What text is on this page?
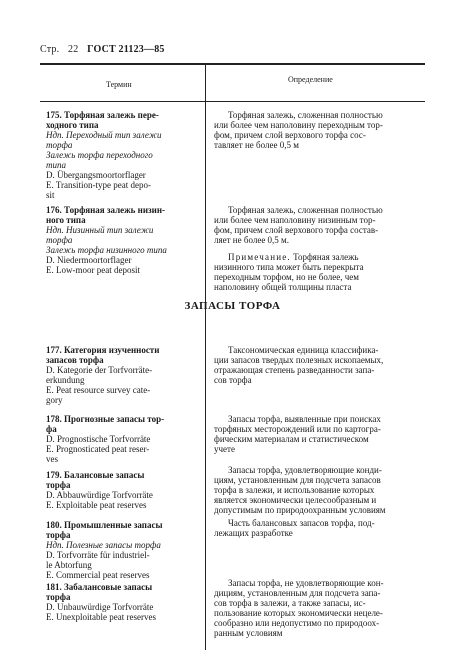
Стр. 22 ГОСТ 21123—85
Термин
Определение

175. Торфяная залежь пере-

ходного типа

Ндп. Переходный тип залежи

торфа

Залежь торфа переходного

типа

D. Übergangsmoortorflager

E. Transition-type peat depo-

sit

Торфяная залежь, сложенная полностью

или более чем наполовину переходным тор-

фом, причем слой верхового торфа сос-

тавляет не более 0,5 м

176. Торфяная залежь низин-

ного типа

Ндп. Низинный тип залежи

торфа

Залежь торфа низинного типа

D. Niedermoortorflager

E. Low-moor peat deposit

Торфяная залежь, сложенная полностью

или более чем наполовину низинным тор-

фом, причем слой верхового торфа состав-

ляет не более 0,5 м.

Примечание. Торфяная залежь

низинного типа может быть перекрыта

переходным торфом, но не более, чем

наполовину общей толщины пласта

ЗАПАСЫ ТОРФА

177. Категория изученности

запасов торфа

D. Kategorie der Torfvorräte-

erkundung

E. Peat resource survey cate-

gory

Таксономическая единица классифика-

ции запасов твердых полезных ископаемых,

отражающая степень разведанности запа-

сов торфа

178. Прогнозные запасы тор-

фа

D. Prognostische Torfvorräte

E. Prognosticated peat reser-

ves

Запасы торфа, выявленные при поисках

торфяных месторождений или по картогра-

фическим материалам и статистическом

учете

179. Балансовые запасы

торфа

D. Abbauwürdige Torfvorräte

E. Exploitable peat reserves

Запасы торфа, удовлетворяющие конди-

циям, установленным для подсчета запасов

торфа в залежи, и использование которых

является экономически целесообразным и

допустимым по природоохранным условиям

180. Промышленные запасы

торфа

Ндп. Полезные запасы торфа

D. Torfvorräte für industriel-

le Abtorfung

E. Commercial peat reserves

Часть балансовых запасов торфа, под-

лежащих разработке

181. Забалансовые запасы

торфа

D. Unbauwürdige Torfvorräte

E. Unexploitable peat reserves

Запасы торфа, не удовлетворяющие кон-

дициям, установленным для подсчета запа-

сов торфа в залежи, а также запасы, ис-

пользование которых экономически нецеле-

сообразно или недопустимо по природоох-

ранным условиям
